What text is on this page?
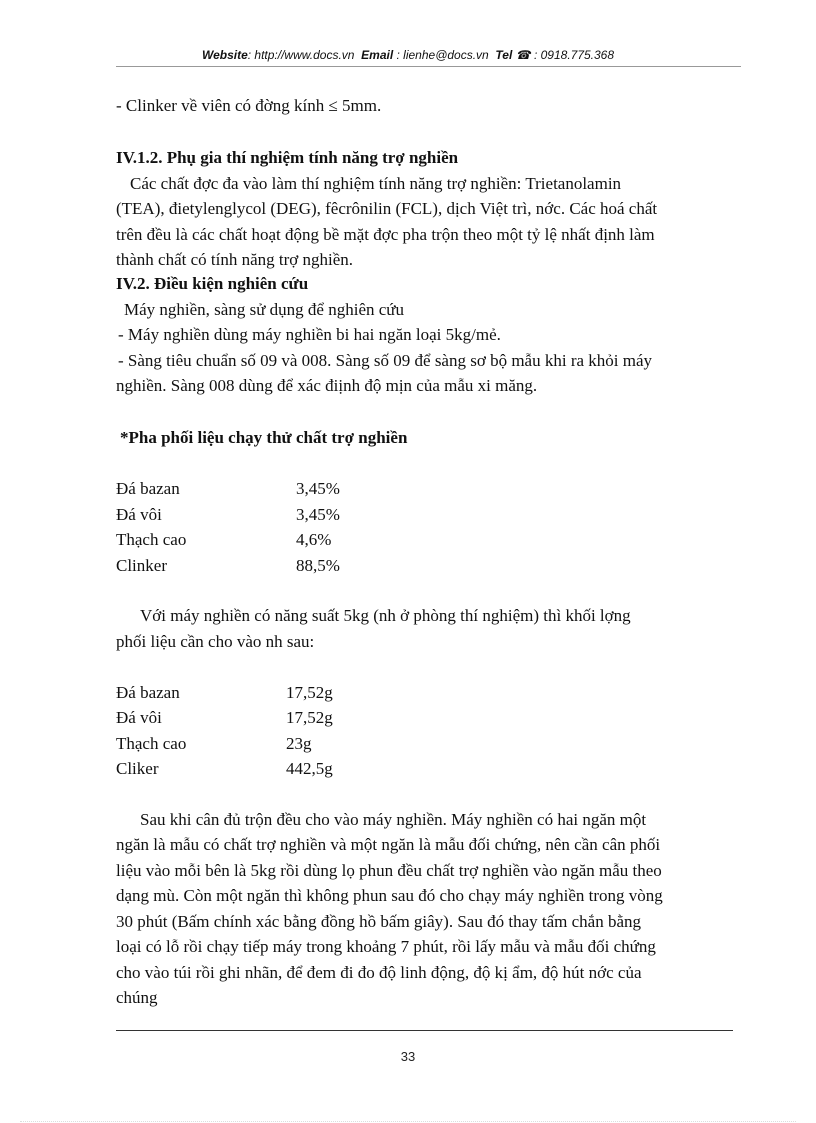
Website: http://www.docs.vn Email : lienhe@docs.vn Tel ☎ : 0918.775.368
- Clinker về viên có đờng kính ≤ 5mm.
IV.1.2. Phụ gia thí nghiệm tính năng trợ nghiền
Các chất đợc đa vào làm thí nghiệm tính năng trợ nghiền: Trietanolamin
(TEA), đietylenglycol (DEG), fêcrônilin (FCL), dịch Việt trì, nớc. Các hoá chất
trên đều là các chất hoạt động bề mặt đợc pha trộn theo một tỷ lệ nhất định làm
thành chất có tính năng trợ nghiền.
IV.2. Điều kiện nghiên cứu
Máy nghiền, sàng sử dụng để nghiên cứu
- Máy nghiền dùng máy nghiền bi hai ngăn loại 5kg/mẻ.
- Sàng tiêu chuẩn số 09 và 008. Sàng số 09 để sàng sơ bộ mẫu khi ra khỏi máy
nghiền. Sàng 008 dùng để xác điịnh độ mịn của mẫu xi măng.
*Pha phối liệu chạy thử chất trợ nghiền
Đá bazan	3,45%
Đá vôi	3,45%
Thạch cao	4,6%
Clinker	88,5%
Với máy nghiền có năng suất 5kg (nh ở phòng thí nghiệm) thì khối lợng
phối liệu cần cho vào nh sau:
Đá bazan	17,52g
Đá vôi	17,52g
Thạch cao	23g
Cliker	442,5g
Sau khi cân đủ trộn đều cho vào máy nghiền. Máy nghiền có hai ngăn một
ngăn là mẫu có chất trợ nghiền và một ngăn là mẫu đối chứng, nên cần cân phối
liệu vào mỗi bên là 5kg rồi dùng lọ phun đều chất trợ nghiền vào ngăn mẫu theo
dạng mù. Còn một ngăn thì không phun sau đó cho chạy máy nghiền trong vòng
30 phút (Bấm chính xác bằng đồng hồ bấm giây). Sau đó thay tấm chắn bằng
loại có lỗ rồi chạy tiếp máy trong khoảng 7 phút, rồi lấy mẫu và mẫu đối chứng
cho vào túi rồi ghi nhãn, để đem đi đo độ linh động, độ kị ẩm, độ hút nớc của
chúng
33
